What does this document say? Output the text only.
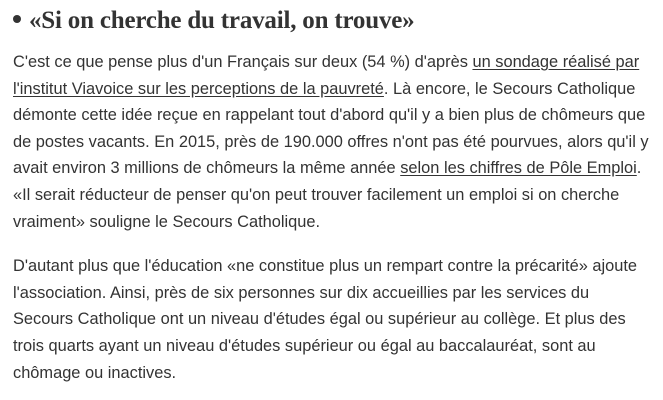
«Si on cherche du travail, on trouve»

C'est ce que pense plus d'un Français sur deux (54 %) d'après un sondage réalisé par l'institut Viavoice sur les perceptions de la pauvreté. Là encore, le Secours Catholique démonte cette idée reçue en rappelant tout d'abord qu'il y a bien plus de chômeurs que de postes vacants. En 2015, près de 190.000 offres n'ont pas été pourvues, alors qu'il y avait environ 3 millions de chômeurs la même année selon les chiffres de Pôle Emploi. «Il serait réducteur de penser qu'on peut trouver facilement un emploi si on cherche vraiment» souligne le Secours Catholique.

D'autant plus que l'éducation «ne constitue plus un rempart contre la précarité» ajoute l'association. Ainsi, près de six personnes sur dix accueillies par les services du Secours Catholique ont un niveau d'études égal ou supérieur au collège. Et plus des trois quarts ayant un niveau d'études supérieur ou égal au baccalauréat, sont au chômage ou inactives.
